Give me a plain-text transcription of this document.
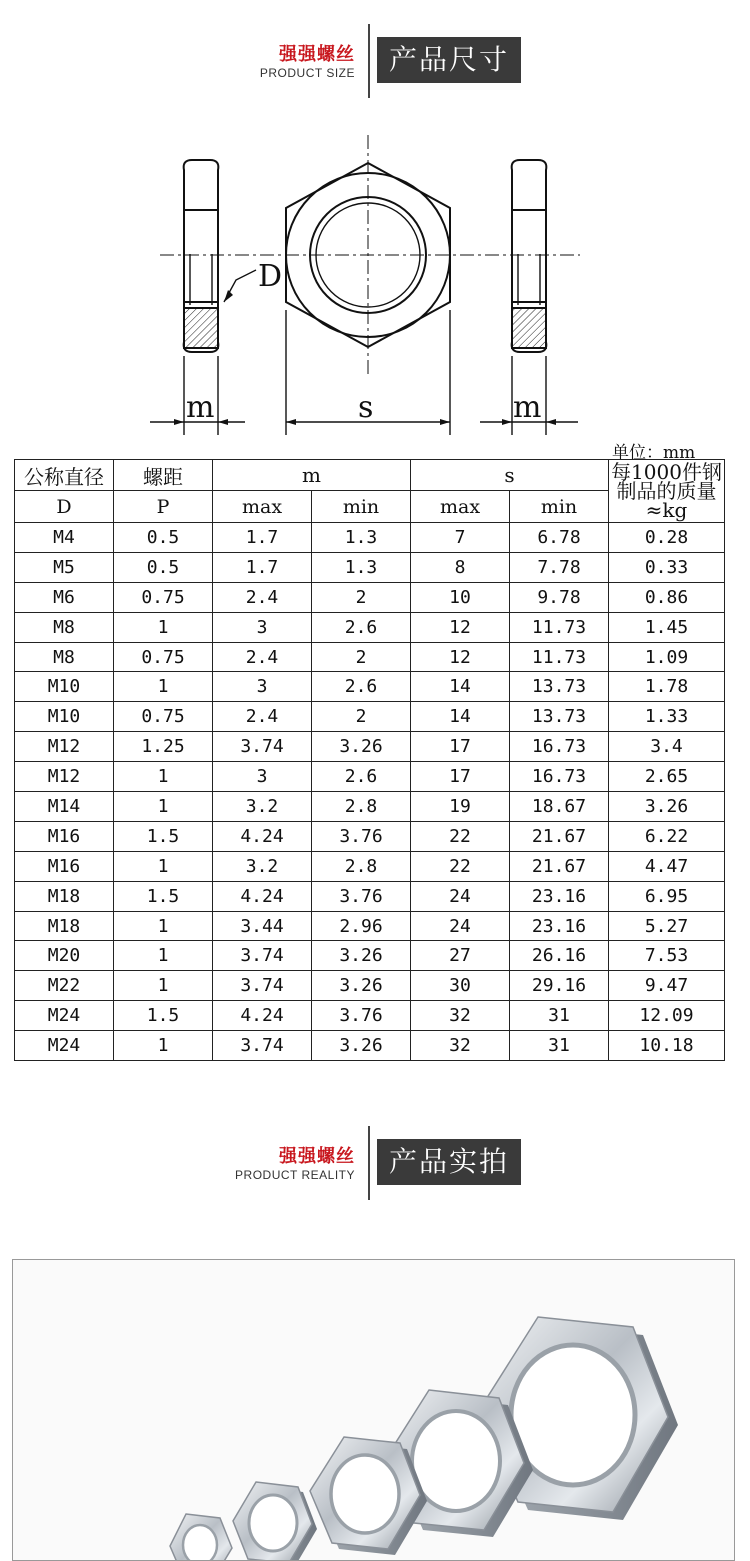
强强螺丝
PRODUCT SIZE	产品尺寸
D
m	s	m
单位：mm
公称直径	螺距	m		s		每1000件钢
制品的质量
≈kg
D	P	max	min	max	min	
M4	0.5	1.7	1.3	7	6.78	0.28
M5	0.5	1.7	1.3	8	7.78	0.33
M6	0.75	2.4	2	10	9.78	0.86
M8	1	3	2.6	12	11.73	1.45
M8	0.75	2.4	2	12	11.73	1.09
M10	1	3	2.6	14	13.73	1.78
M10	0.75	2.4	2	14	13.73	1.33
M12	1.25	3.74	3.26	17	16.73	3.4
M12	1	3	2.6	17	16.73	2.65
M14	1	3.2	2.8	19	18.67	3.26
M16	1.5	4.24	3.76	22	21.67	6.22
M16	1	3.2	2.8	22	21.67	4.47
M18	1.5	4.24	3.76	24	23.16	6.95
M18	1	3.44	2.96	24	23.16	5.27
M20	1	3.74	3.26	27	26.16	7.53
M22	1	3.74	3.26	30	29.16	9.47
M24	1.5	4.24	3.76	32	31	12.09
M24	1	3.74	3.26	32	31	10.18
强强螺丝
PRODUCT REALITY	产品实拍
